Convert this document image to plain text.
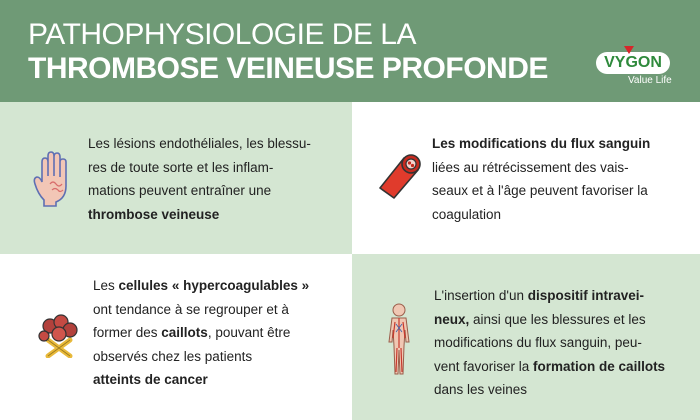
PATHOPHYSIOLOGIE DE LA
THROMBOSE VEINEUSE PROFONDE	VYGON
Value Life
Les lésions endothéliales, les blessu-
res de toute sorte et les inflam-
mations peuvent entraîner une
thrombose veineuse
Les modifications du flux sanguin
liées au rétrécissement des vais-
seaux et à l'âge peuvent favoriser la
coagulation
Les cellules « hypercoagulables »
ont tendance à se regrouper et à
former des caillots, pouvant être
observés chez les patients
atteints de cancer
L'insertion d'un dispositif intravei-
neux, ainsi que les blessures et les
modifications du flux sanguin, peu-
vent favoriser la formation de caillots
dans les veines
